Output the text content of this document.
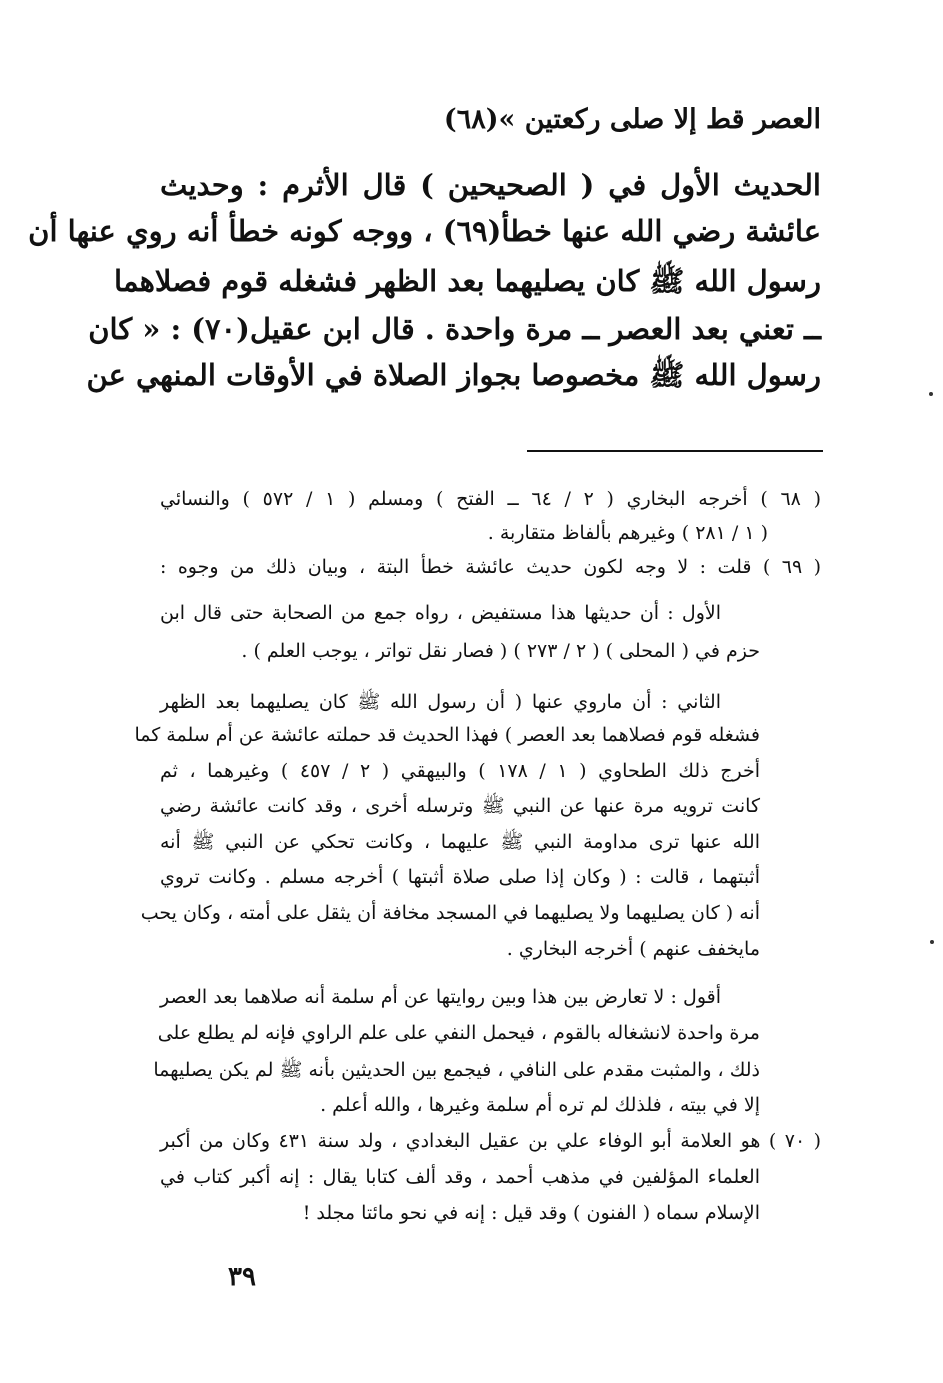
العصر قط إلا صلى ركعتين »(٦٨)
الحديث الأول في ( الصحيحين ) قال الأثرم : وحديث
عائشة رضي الله عنها خطأ(٦٩) ، ووجه كونه خطأ أنه روي عنها أن
رسول الله ﷺ كان يصليهما بعد الظهر فشغله قوم فصلاهما
ــ تعني بعد العصر ــ مرة واحدة . قال ابن عقيل(٧٠) : « كان
رسول الله ﷺ مخصوصا بجواز الصلاة في الأوقات المنهي عن
( ٦٨ ) أخرجه البخاري ( ٢ / ٦٤ ــ الفتح ) ومسلم ( ١ / ٥٧٢ ) والنسائي
( ١ / ٢٨١ ) وغيرهم بألفاظ متقاربة .
( ٦٩ ) قلت : لا وجه لكون حديث عائشة خطأ البتة ، وبيان ذلك من وجوه :
الأول : أن حديثها هذا مستفيض ، رواه جمع من الصحابة حتى قال ابن
حزم في ( المحلى ) ( ٢ / ٢٧٣ ) ( فصار نقل تواتر ، يوجب العلم ) .
الثاني : أن ماروي عنها ( أن رسول الله ﷺ كان يصليهما بعد الظهر
فشغله قوم فصلاهما بعد العصر ) فهذا الحديث قد حملته عائشة عن أم سلمة كما
أخرج ذلك الطحاوي ( ١ / ١٧٨ ) والبيهقي ( ٢ / ٤٥٧ ) وغيرهما ، ثم
كانت ترويه مرة عنها عن النبي ﷺ وترسله أخرى ، وقد كانت عائشة رضي
الله عنها ترى مداومة النبي ﷺ عليهما ، وكانت تحكي عن النبي ﷺ أنه
أثبتهما ، قالت : ( وكان إذا صلى صلاة أثبتها ) أخرجه مسلم . وكانت تروي
أنه ( كان يصليهما ولا يصليهما في المسجد مخافة أن يثقل على أمته ، وكان يحب
مايخفف عنهم ) أخرجه البخاري .
أقول : لا تعارض بين هذا وبين روايتها عن أم سلمة أنه صلاهما بعد العصر
مرة واحدة لانشغاله بالقوم ، فيحمل النفي على علم الراوي فإنه لم يطلع على
ذلك ، والمثبت مقدم على النافي ، فيجمع بين الحديثين بأنه ﷺ لم يكن يصليهما
إلا في بيته ، فلذلك لم تره أم سلمة وغيرها ، والله أعلم .
( ٧٠ ) هو العلامة أبو الوفاء علي بن عقيل البغدادي ، ولد سنة ٤٣١ وكان من أكبر
العلماء المؤلفين في مذهب أحمد ، وقد ألف كتابا يقال : إنه أكبر كتاب في
الإسلام سماه ( الفنون ) وقد قيل : إنه في نحو مائتا مجلد !
٣٩
